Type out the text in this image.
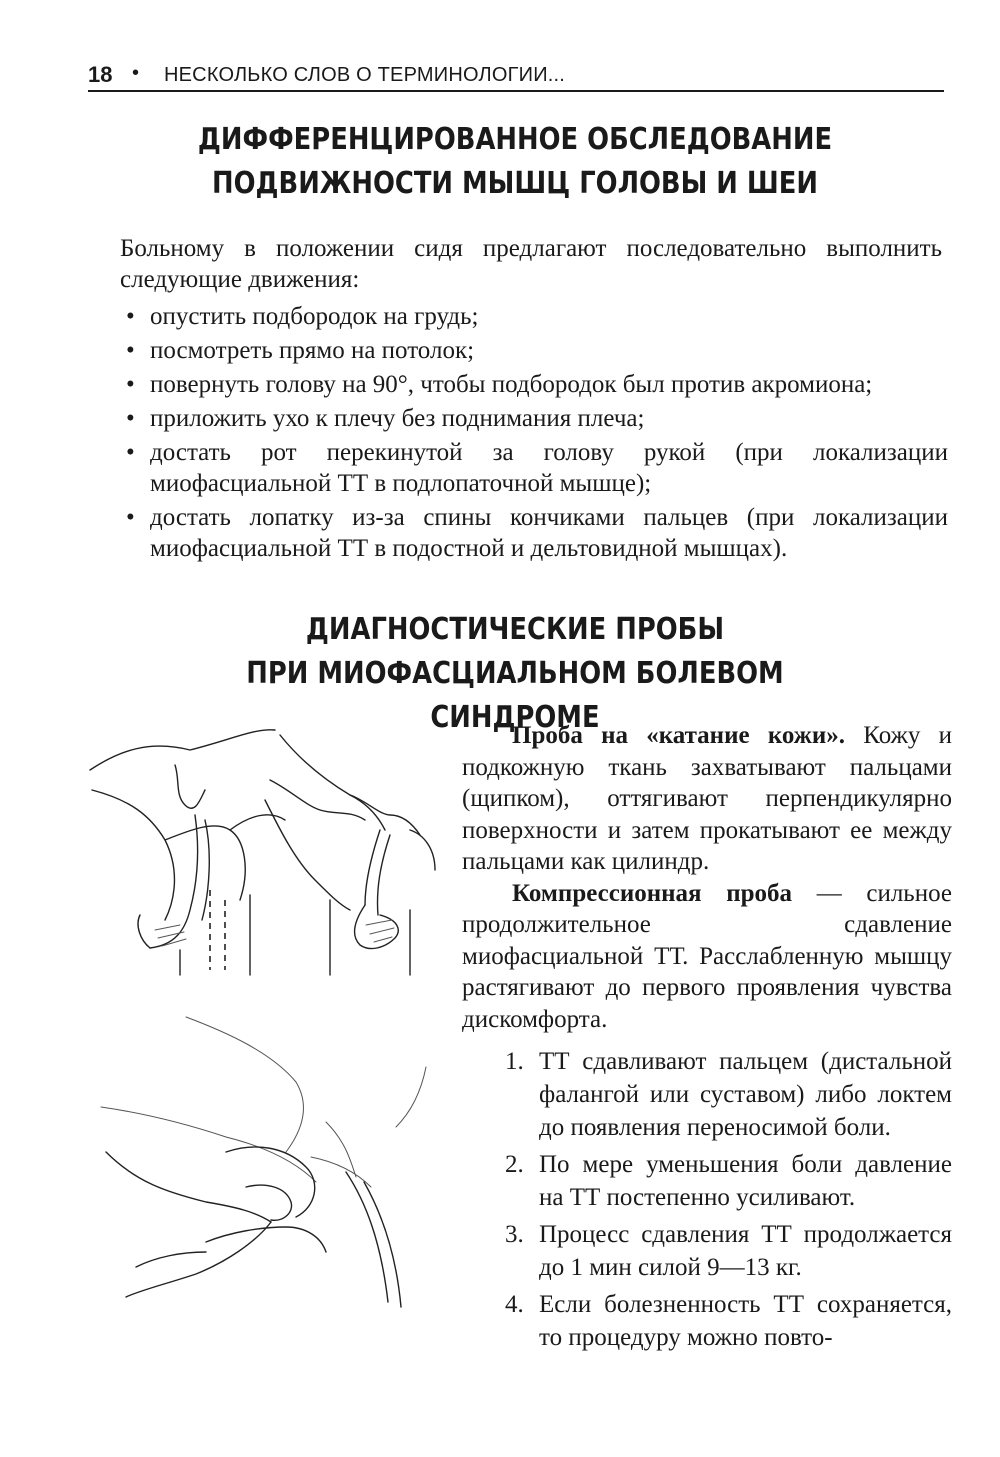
18 • НЕСКОЛЬКО СЛОВ О ТЕРМИНОЛОГИИ...
ДИФФЕРЕНЦИРОВАННОЕ ОБСЛЕДОВАНИЕ
ПОДВИЖНОСТИ МЫШЦ ГОЛОВЫ И ШЕИ
Больному в положении сидя предлагают последовательно выполнить следующие движения:
• опустить подбородок на грудь;
• посмотреть прямо на потолок;
• повернуть голову на 90°, чтобы подбородок был против акромиона;
• приложить ухо к плечу без поднимания плеча;
• достать рот перекинутой за голову рукой (при локализации миофасциальной ТТ в подлопаточной мышце);
• достать лопатку из-за спины кончиками пальцев (при локализации миофасциальной ТТ в подостной и дельтовидной мышцах).
ДИАГНОСТИЧЕСКИЕ ПРОБЫ
ПРИ МИОФАСЦИАЛЬНОМ БОЛЕВОМ СИНДРОМЕ

Проба на «катание кожи». Кожу и подкожную ткань захватывают пальцами (щипком), оттягивают перпендикулярно поверхности и затем прокатывают ее между пальцами как цилиндр.

Компрессионная проба — сильное продолжительное сдавление миофасциальной ТТ. Расслабленную мышцу растягивают до первого проявления чувства дискомфорта.

1. ТТ сдавливают пальцем (дистальной фалангой или суставом) либо локтем до появления переносимой боли.
2. По мере уменьшения боли давление на ТТ постепенно усиливают.
3. Процесс сдавления ТТ продолжается до 1 мин силой 9—13 кг.
4. Если болезненность ТТ сохраняется, то процедуру можно повто-
